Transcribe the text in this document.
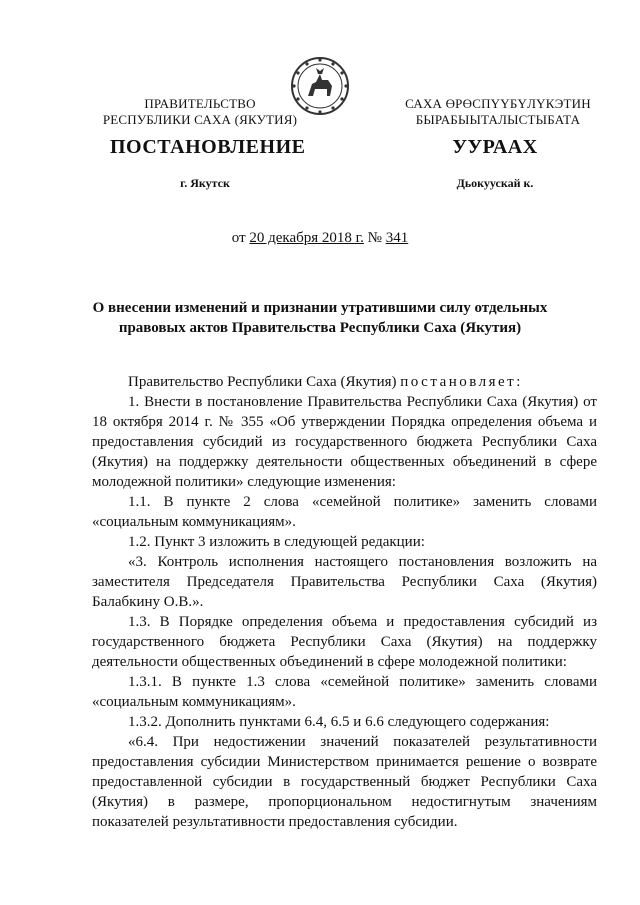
ПРАВИТЕЛЬСТВО
РЕСПУБЛИКИ САХА (ЯКУТИЯ)
САХА ӨРӨСПҮҮБҮЛҮКЭТИН
БЫРАБЫЫТАЛЫСТЫБАТА
ПОСТАНОВЛЕНИЕ	УУРААХ
г. Якутск	Дьокуускай к.
от 20 декабря 2018 г. № 341
О внесении изменений и признании утратившими силу отдельных правовых актов Правительства Республики Саха (Якутия)

Правительство Республики Саха (Якутия) постановляет:

1. Внести в постановление Правительства Республики Саха (Якутия) от 18 октября 2014 г. № 355 «Об утверждении Порядка определения объема и предоставления субсидий из государственного бюджета Республики Саха (Якутия) на поддержку деятельности общественных объединений в сфере молодежной политики» следующие изменения:

1.1. В пункте 2 слова «семейной политике» заменить словами «социальным коммуникациям».

1.2. Пункт 3 изложить в следующей редакции:

«3. Контроль исполнения настоящего постановления возложить на заместителя Председателя Правительства Республики Саха (Якутия) Балабкину О.В.».

1.3. В Порядке определения объема и предоставления субсидий из государственного бюджета Республики Саха (Якутия) на поддержку деятельности общественных объединений в сфере молодежной политики:

1.3.1. В пункте 1.3 слова «семейной политике» заменить словами «социальным коммуникациям».

1.3.2. Дополнить пунктами 6.4, 6.5 и 6.6 следующего содержания:

«6.4. При недостижении значений показателей результативности предоставления субсидии Министерством принимается решение о возврате предоставленной субсидии в государственный бюджет Республики Саха (Якутия) в размере, пропорциональном недостигнутым значениям показателей результативности предоставления субсидии.
